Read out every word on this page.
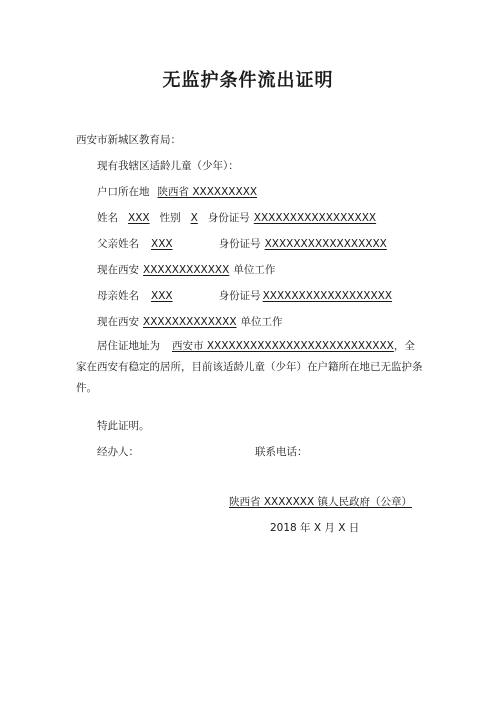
无监护条件流出证明
西安市新城区教育局：
现有我辖区适龄儿童（少年）：
户口所在地 陕西省 XXXXXXXXX
姓名 XXX 性别 X 身份证号 XXXXXXXXXXXXXXXXX
父亲姓名 XXX	身份证号 XXXXXXXXXXXXXXXXX
现在西安 XXXXXXXXXXXX 单位工作
母亲姓名 XXX	身份证号 XXXXXXXXXXXXXXXXXX
现在西安 XXXXXXXXXXXXX 单位工作
居住证地址为 西安市 XXXXXXXXXXXXXXXXXXXXXXXXXX，全家在西安有稳定的居所，目前该适龄儿童（少年）在户籍所在地已无监护条件。
特此证明。
经办人：	联系电话：
陕西省 XXXXXXX 镇人民政府（公章）
2018 年 X 月 X 日
